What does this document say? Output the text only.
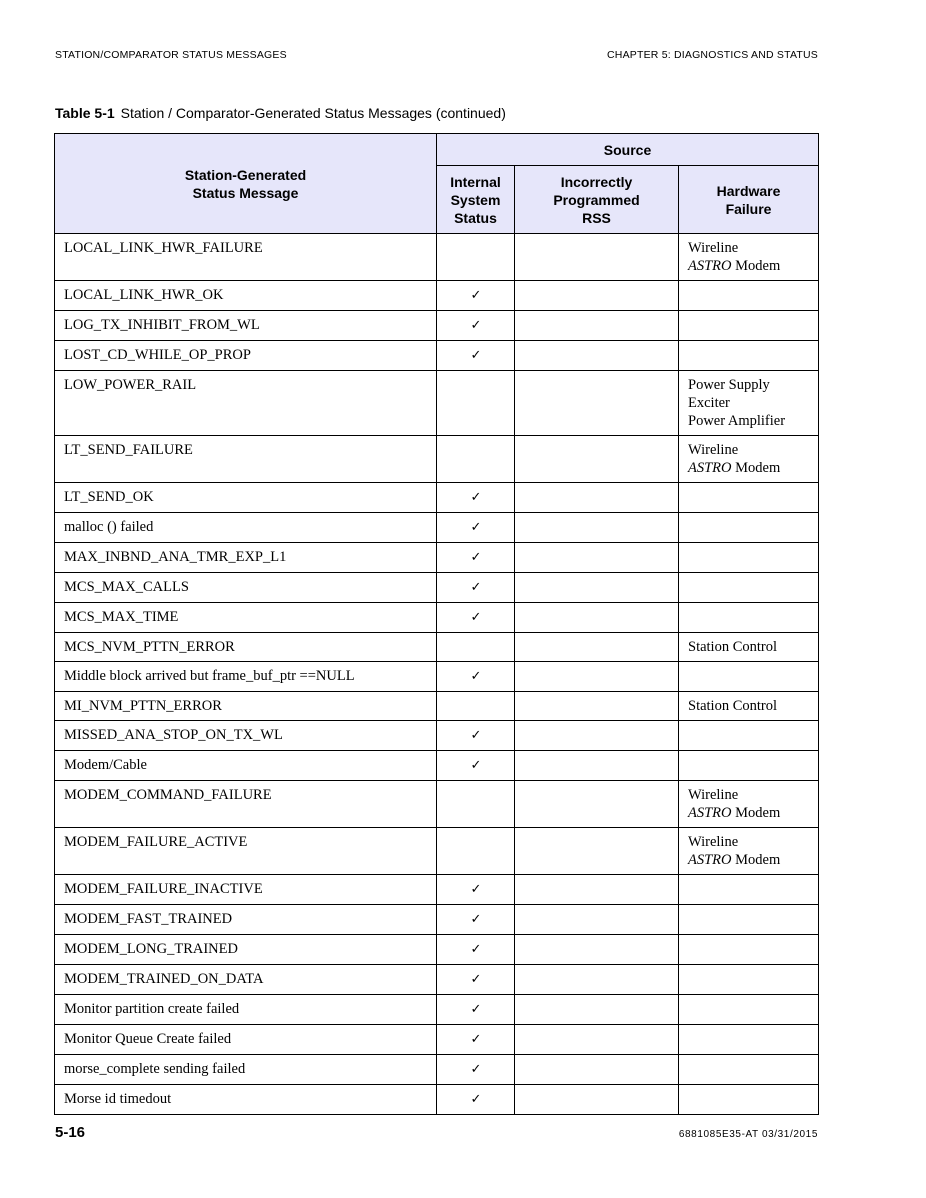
STATION/COMPARATOR STATUS MESSAGES	CHAPTER 5: DIAGNOSTICS AND STATUS
Table 5-1 Station / Comparator-Generated Status Messages (continued)
Station-Generated Status Message	Source		

	Internal System Status	Incorrectly Programmed RSS	Hardware Failure

LOCAL_LINK_HWR_FAILURE			Wireline
ASTRO Modem

LOCAL_LINK_HWR_OK	✓		
LOG_TX_INHIBIT_FROM_WL	✓		
LOST_CD_WHILE_OP_PROP	✓		
LOW_POWER_RAIL			Power Supply
Exciter
Power Amplifier

LT_SEND_FAILURE			Wireline
ASTRO Modem

LT_SEND_OK	✓		
malloc () failed	✓		
MAX_INBND_ANA_TMR_EXP_L1	✓		
MCS_MAX_CALLS	✓		
MCS_MAX_TIME	✓		
MCS_NVM_PTTN_ERROR			Station Control

Middle block arrived but frame_buf_ptr ==NULL	✓		
MI_NVM_PTTN_ERROR			Station Control

MISSED_ANA_STOP_ON_TX_WL	✓		
Modem/Cable	✓		
MODEM_COMMAND_FAILURE			Wireline
ASTRO Modem

MODEM_FAILURE_ACTIVE			Wireline
ASTRO Modem

MODEM_FAILURE_INACTIVE	✓		
MODEM_FAST_TRAINED	✓		
MODEM_LONG_TRAINED	✓		
MODEM_TRAINED_ON_DATA	✓		
Monitor partition create failed	✓		
Monitor Queue Create failed	✓		
morse_complete sending failed	✓		
Morse id timedout	✓		
5-16	6881085E35-AT 03/31/2015
